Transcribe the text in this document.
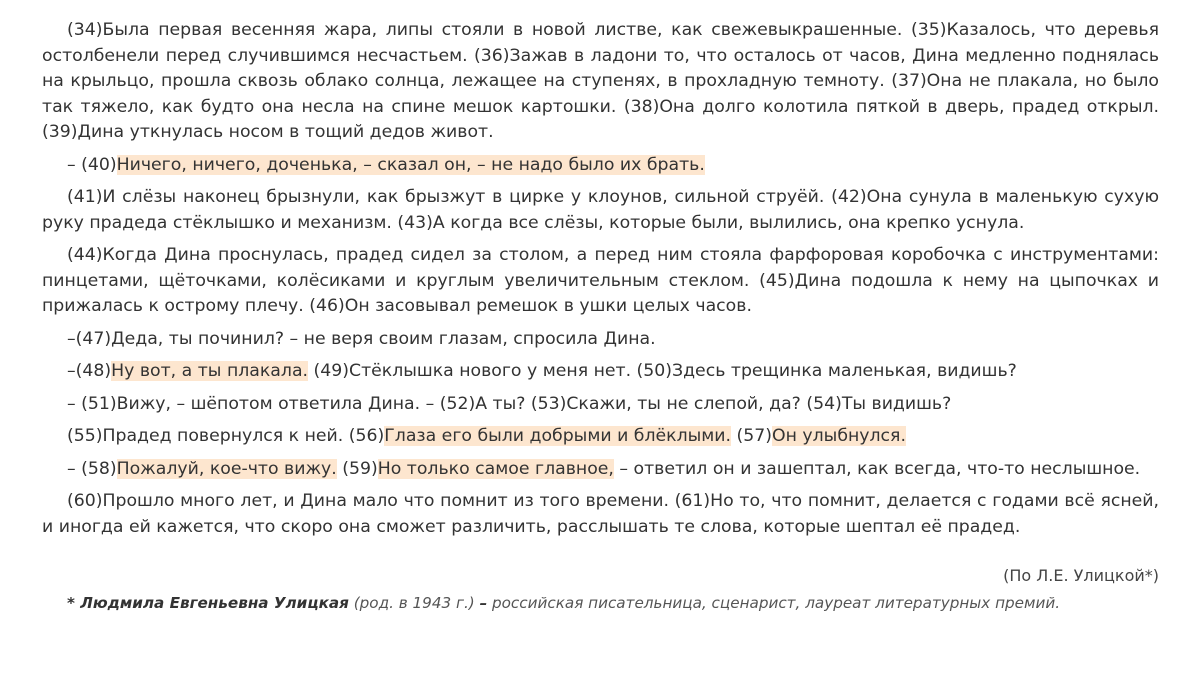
(34)Была первая весенняя жара, липы стояли в новой листве, как свежевыкрашенные. (35)Казалось, что деревья остолбенели перед случившимся несчастьем. (36)Зажав в ладони то, что осталось от часов, Дина медленно поднялась на крыльцо, прошла сквозь облако солнца, лежащее на ступенях, в прохладную темноту. (37)Она не плакала, но было так тяжело, как будто она несла на спине мешок картошки. (38)Она долго колотила пяткой в дверь, прадед открыл. (39)Дина уткнулась носом в тощий дедов живот.

– (40)Ничего, ничего, доченька, – сказал он, – не надо было их брать.

(41)И слёзы наконец брызнули, как брызжут в цирке у клоунов, сильной струёй. (42)Она сунула в маленькую сухую руку прадеда стёклышко и механизм. (43)А когда все слёзы, которые были, вылились, она крепко уснула.

(44)Когда Дина проснулась, прадед сидел за столом, а перед ним стояла фарфоровая коробочка с инструментами: пинцетами, щёточками, колёсиками и круглым увеличительным стеклом. (45)Дина подошла к нему на цыпочках и прижалась к острому плечу. (46)Он засовывал ремешок в ушки целых часов.

–(47)Деда, ты починил? – не веря своим глазам, спросила Дина.

–(48)Ну вот, а ты плакала. (49)Стёклышка нового у меня нет. (50)Здесь трещинка маленькая, видишь?

– (51)Вижу, – шёпотом ответила Дина. – (52)А ты? (53)Скажи, ты не слепой, да? (54)Ты видишь?

(55)Прадед повернулся к ней. (56)Глаза его были добрыми и блёклыми. (57)Он улыбнулся.

– (58)Пожалуй, кое-что вижу. (59)Но только самое главное, – ответил он и зашептал, как всегда, что-то неслышное.

(60)Прошло много лет, и Дина мало что помнит из того времени. (61)Но то, что помнит, делается с годами всё ясней, и иногда ей кажется, что скоро она сможет различить, расслышать те слова, которые шептал её прадед.

(По Л.Е. Улицкой*)

* Людмила Евгеньевна Улицкая (род. в 1943 г.) – российская писательница, сценарист, лауреат литературных премий.
